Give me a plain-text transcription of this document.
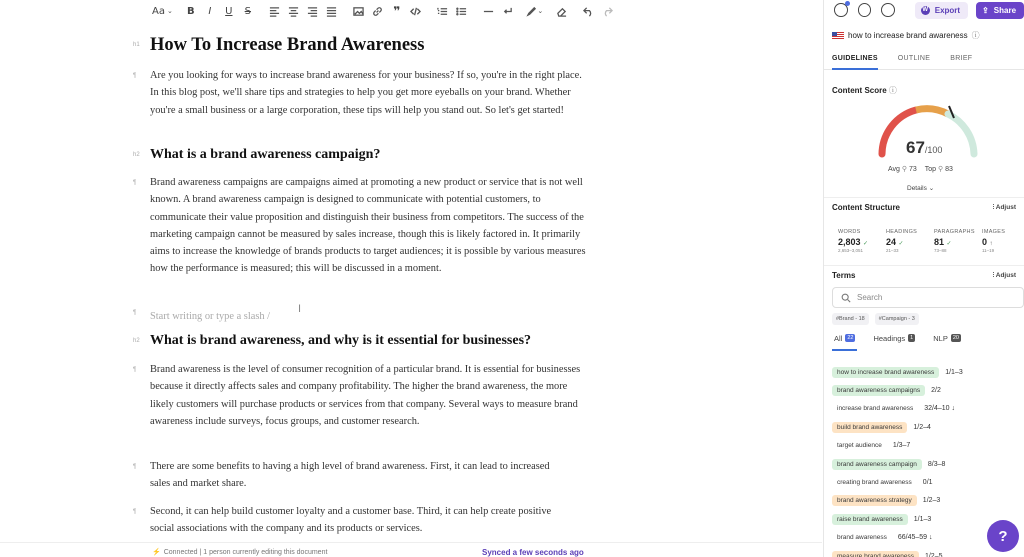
Aa ⌄ B I U S	❞	⌄
h1 How To Increase Brand Awareness
¶ Are you looking for ways to increase brand awareness for your business? If so, you're in the right place. In this blog post, we'll share tips and strategies to help you get more eyeballs on your brand. Whether you're a small business or a large corporation, these tips will help you stand out. So let's get started!
h2 What is a brand awareness campaign?
¶ Brand awareness campaigns are campaigns aimed at promoting a new product or service that is not well known. A brand awareness campaign is designed to communicate with potential customers, to communicate their value proposition and distinguish their business from competitors. The success of the marketing campaign cannot be measured by sales increase, though this is likely factored in. It primarily aims to increase the knowledge of brands products to target audiences; it is possible by various measures how the performance is measured; this will be discussed in a moment.
¶ Start writing or type a slash /
I
h2 What is brand awareness, and why is it essential for businesses?
¶ Brand awareness is the level of consumer recognition of a particular brand. It is essential for businesses because it directly affects sales and company profitability. The higher the brand awareness, the more likely customers will purchase products or services from that company. Several ways to measure brand awareness include surveys, focus groups, and customer research.
¶ There are some benefits to having a high level of brand awareness. First, it can lead to increased sales and market share.
¶ Second, it can help build customer loyalty and a customer base. Third, it can help create positive social associations with the company and its products or services.
⚡ Connected | 1 person currently editing this document	Synced a few seconds ago
W Export	⇪ Share
how to increase brand awareness ⓘ
GUIDELINES	OUTLINE	BRIEF
Content Score ⓘ
67/100
Avg ⚲ 73 Top ⚲ 83
Details ⌄
Content Structure	⫶ Adjust
WORDS
2,803 ✓
2,653–3,051
HEADINGS
24 ✓
21–33
PARAGRAPHS
81 ✓
73–88
IMAGES
0 ↑
11–19
Terms	⫶ Adjust
Search
#Brand - 18	#Campaign - 3
All 22	Headings 1	NLP 20
how to increase brand awareness	1/1–3
brand awareness campaigns	2/2
increase brand awareness	32/4–10 ↓
build brand awareness	1/2–4
target audience	1/3–7
brand awareness campaign	8/3–8
creating brand awareness	0/1
brand awareness strategy	1/2–3
raise brand awareness	1/1–3
brand awareness	66/45–59 ↓
measure brand awareness	1/2–5
?
